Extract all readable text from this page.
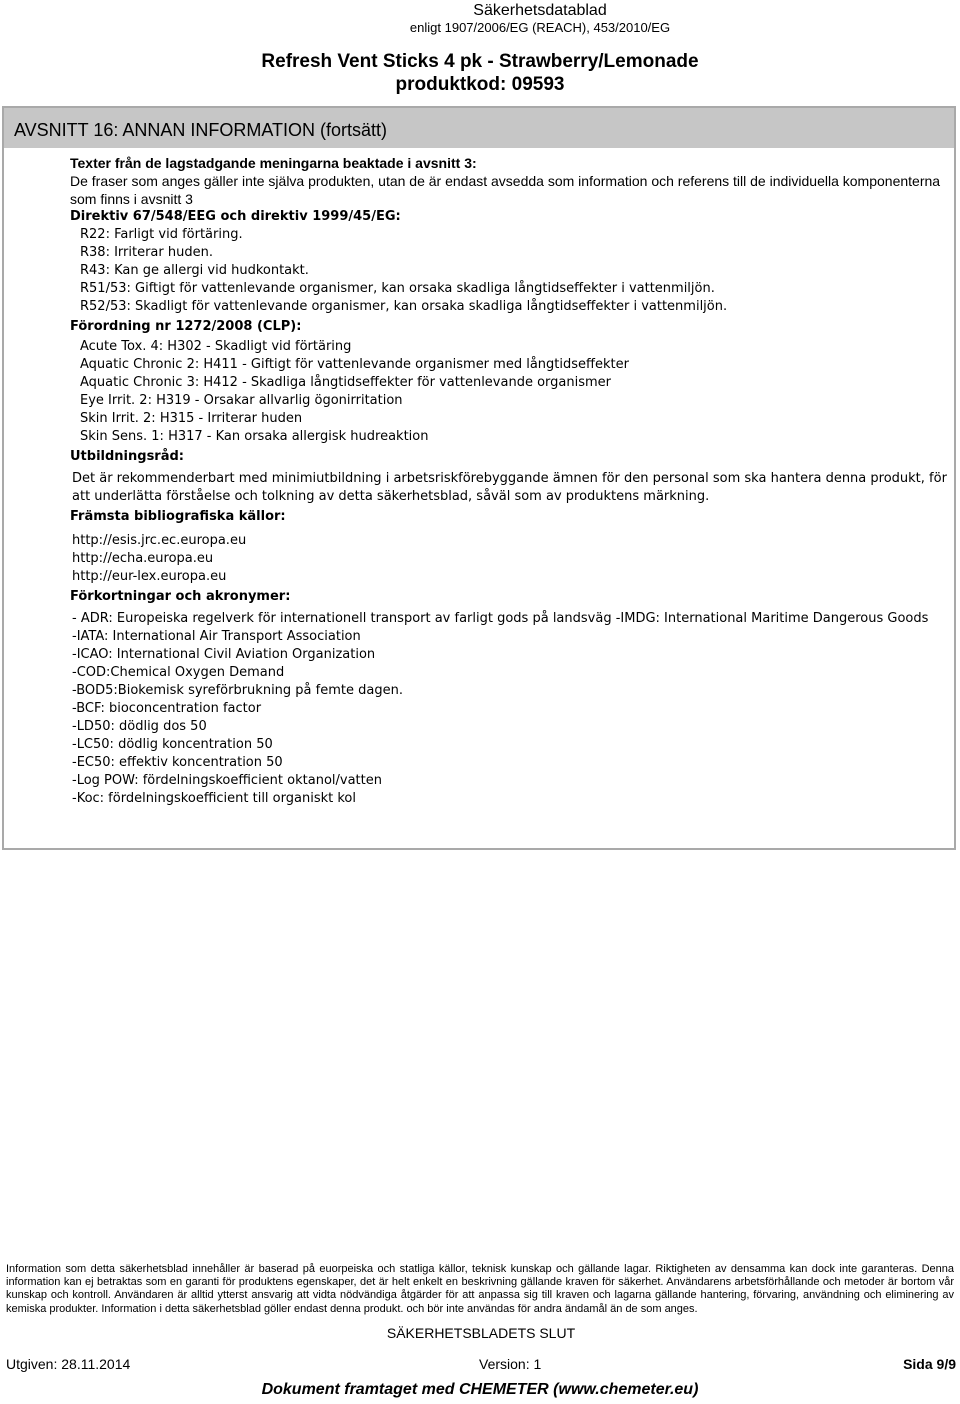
Säkerhetsdatablad
enligt 1907/2006/EG (REACH), 453/2010/EG
Refresh Vent Sticks 4 pk - Strawberry/Lemonade
produktkod: 09593
AVSNITT 16: ANNAN INFORMATION (fortsätt)
Texter från de lagstadgande meningarna beaktade i avsnitt 3:
De fraser som anges gäller inte själva produkten, utan de är endast avsedda som information och referens till de individuella komponenterna som finns i avsnitt 3
Direktiv 67/548/EEG och direktiv 1999/45/EG:
R22: Farligt vid förtäring.
R38: Irriterar huden.
R43: Kan ge allergi vid hudkontakt.
R51/53: Giftigt för vattenlevande organismer, kan orsaka skadliga långtidseffekter i vattenmiljön.
R52/53: Skadligt för vattenlevande organismer, kan orsaka skadliga långtidseffekter i vattenmiljön.
Förordning nr 1272/2008 (CLP):
Acute Tox. 4: H302 - Skadligt vid förtäring
Aquatic Chronic 2: H411 - Giftigt för vattenlevande organismer med långtidseffekter
Aquatic Chronic 3: H412 - Skadliga långtidseffekter för vattenlevande organismer
Eye Irrit. 2: H319 - Orsakar allvarlig ögonirritation
Skin Irrit. 2: H315 - Irriterar huden
Skin Sens. 1: H317 - Kan orsaka allergisk hudreaktion
Utbildningsråd:
Det är rekommenderbart med minimiutbildning i arbetsriskförebyggande ämnen för den personal som ska hantera denna produkt, för att underlätta förståelse och tolkning av detta säkerhetsblad, såväl som av produktens märkning.
Främsta bibliografiska källor:
http://esis.jrc.ec.europa.eu
http://echa.europa.eu
http://eur-lex.europa.eu
Förkortningar och akronymer:
- ADR: Europeiska regelverk för internationell transport av farligt gods på landsväg -IMDG: International Maritime Dangerous Goods
-IATA: International Air Transport Association
-ICAO: International Civil Aviation Organization
-COD:Chemical Oxygen Demand
-BOD5:Biokemisk syreförbrukning på femte dagen.
-BCF: bioconcentration factor
-LD50: dödlig dos 50
-LC50: dödlig koncentration 50
-EC50: effektiv koncentration 50
-Log POW: fördelningskoefficient oktanol/vatten
-Koc: fördelningskoefficient till organiskt kol
Information som detta säkerhetsblad innehåller är baserad på euorpeiska och statliga källor, teknisk kunskap och gällande lagar. Riktigheten av densamma kan dock inte garanteras. Denna information kan ej betraktas som en garanti för produktens egenskaper, det är helt enkelt en beskrivning gällande kraven för säkerhet. Användarens arbetsförhållande och metoder är bortom vår kunskap och kontroll. Användaren är alltid ytterst ansvarig att vidta nödvändiga åtgärder för att anpassa sig till kraven och lagarna gällande hantering, förvaring, användning och eliminering av kemiska produkter. Information i detta säkerhetsblad göller endast denna produkt. och bör inte användas för andra ändamål än de som anges.
SÄKERHETSBLADETS SLUT
Utgiven: 28.11.2014	Version: 1	Sida 9/9
Dokument framtaget med CHEMETER (www.chemeter.eu)
